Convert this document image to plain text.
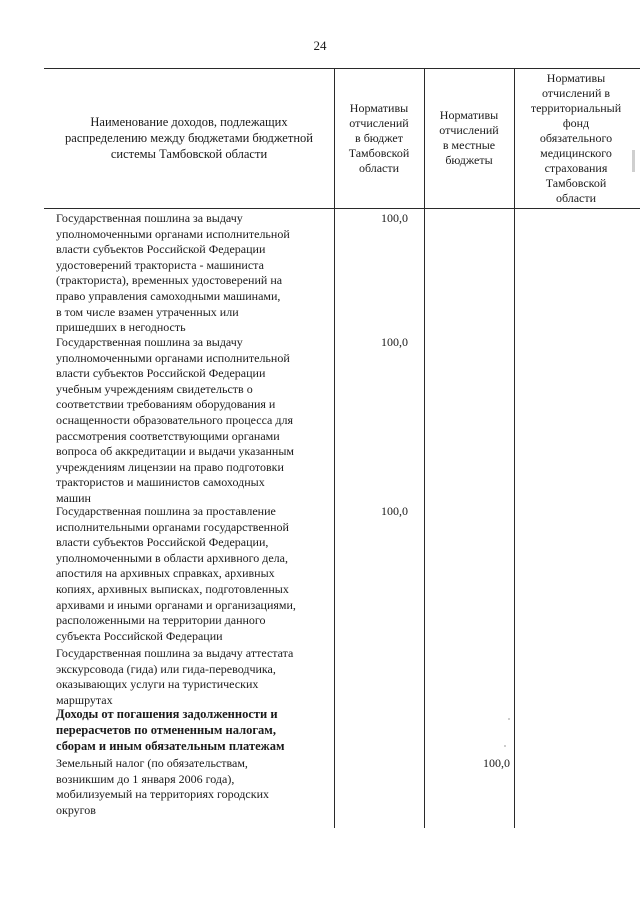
24
Наименование доходов, подлежащих
распределению между бюджетами бюджетной
системы Тамбовской области
Нормативы
отчислений
в бюджет
Тамбовской
области
Нормативы
отчислений
в местные
бюджеты
Нормативы
отчислений в
территориальный
фонд
обязательного
медицинского
страхования
Тамбовской
области
Государственная пошлина за выдачу
уполномоченными органами исполнительной
власти субъектов Российской Федерации
удостоверений тракториста - машиниста
(тракториста), временных удостоверений на
право управления самоходными машинами,
в том числе взамен утраченных или
пришедших в негодность
100,0
Государственная пошлина за выдачу
уполномоченными органами исполнительной
власти субъектов Российской Федерации
учебным учреждениям свидетельств о
соответствии требованиям оборудования и
оснащенности образовательного процесса для
рассмотрения соответствующими органами
вопроса об аккредитации и выдачи указанным
учреждениям лицензии на право подготовки
трактористов и машинистов самоходных
машин
100,0
Государственная пошлина за проставление
исполнительными органами государственной
власти субъектов Российской Федерации,
уполномоченными в области архивного дела,
апостиля на архивных справках, архивных
копиях, архивных выписках, подготовленных
архивами и иными органами и организациями,
расположенными на территории данного
субъекта Российской Федерации
100,0
Государственная пошлина за выдачу аттестата
экскурсовода (гида) или гида-переводчика,
оказывающих услуги на туристических
маршрутах
Доходы от погашения задолженности и
перерасчетов по отмененным налогам,
сборам и иным обязательным платежам
Земельный налог (по обязательствам,
возникшим до 1 января 2006 года),
мобилизуемый на территориях городских
округов
100,0
